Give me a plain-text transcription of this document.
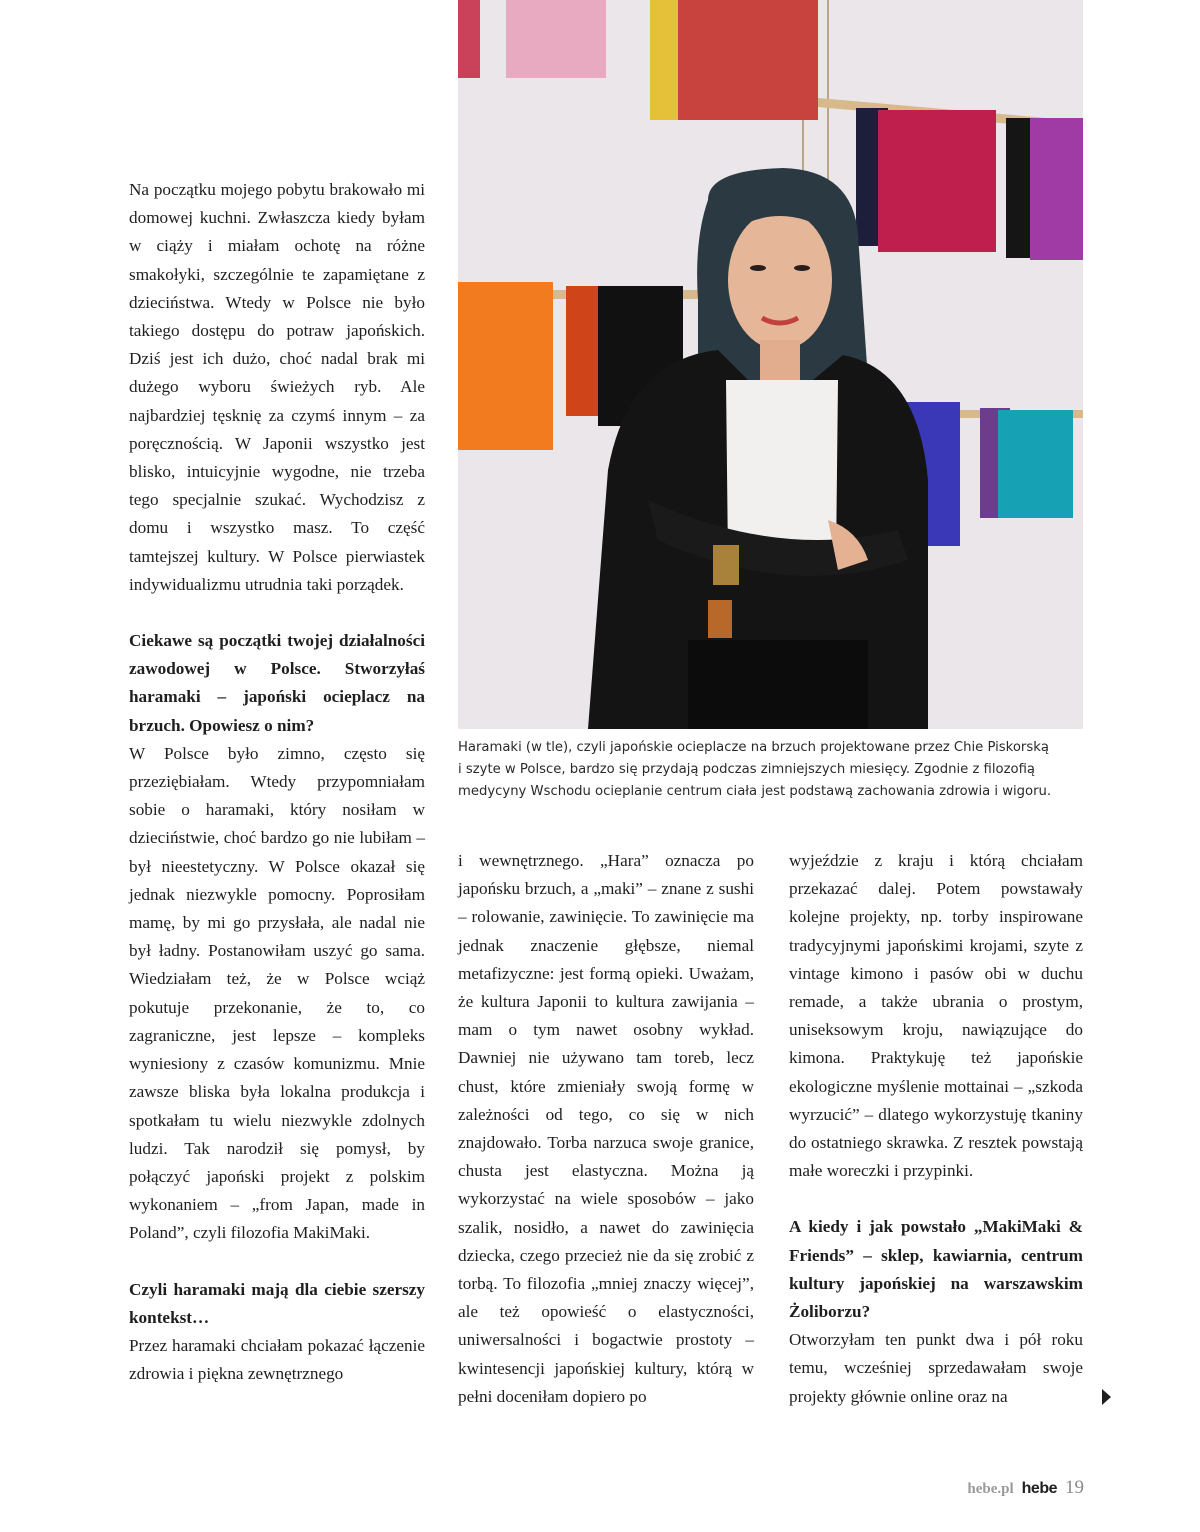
Na początku mojego pobytu brakowało mi domowej kuchni. Zwłaszcza kiedy byłam w ciąży i miałam ochotę na różne smakołyki, szczególnie te zapamiętane z dzieciństwa. Wtedy w Polsce nie było takiego dostępu do potraw japońskich. Dziś jest ich dużo, choć nadal brak mi dużego wyboru świeżych ryb. Ale najbardziej tęsknię za czymś innym – za poręcznością. W Japonii wszystko jest blisko, intuicyjnie wygodne, nie trzeba tego specjalnie szukać. Wychodzisz z domu i wszystko masz. To część tamtejszej kultury. W Polsce pierwiastek indywidualizmu utrudnia taki porządek.

Ciekawe są początki twojej działalności zawodowej w Polsce. Stworzyłaś haramaki – japoński ocieplacz na brzuch. Opowiesz o nim?

W Polsce było zimno, często się przeziębiałam. Wtedy przypomniałam sobie o haramaki, który nosiłam w dzieciństwie, choć bardzo go nie lubiłam – był nieestetyczny. W Polsce okazał się jednak niezwykle pomocny. Poprosiłam mamę, by mi go przysłała, ale nadal nie był ładny. Postanowiłam uszyć go sama. Wiedziałam też, że w Polsce wciąż pokutuje przekonanie, że to, co zagraniczne, jest lepsze – kompleks wyniesiony z czasów komunizmu. Mnie zawsze bliska była lokalna produkcja i spotkałam tu wielu niezwykle zdolnych ludzi. Tak narodził się pomysł, by połączyć japoński projekt z polskim wykonaniem – „from Japan, made in Poland”, czyli filozofia MakiMaki.

Czyli haramaki mają dla ciebie szerszy kontekst…

Przez haramaki chciałam pokazać łączenie zdrowia i piękna zewnętrznego

Haramaki (w tle), czyli japońskie ocieplacze na brzuch projektowane przez Chie Piskorską
i szyte w Polsce, bardzo się przydają podczas zimniejszych miesięcy. Zgodnie z filozofią
medycyny Wschodu ocieplanie centrum ciała jest podstawą zachowania zdrowia i wigoru.

i wewnętrznego. „Hara” oznacza po japońsku brzuch, a „maki” – znane z sushi – rolowanie, zawinięcie. To zawinięcie ma jednak znaczenie głębsze, niemal metafizyczne: jest formą opieki. Uważam, że kultura Japonii to kultura zawijania – mam o tym nawet osobny wykład. Dawniej nie używano tam toreb, lecz chust, które zmieniały swoją formę w zależności od tego, co się w nich znajdowało. Torba narzuca swoje granice, chusta jest elastyczna. Można ją wykorzystać na wiele sposobów – jako szalik, nosidło, a nawet do zawinięcia dziecka, czego przecież nie da się zrobić z torbą. To filozofia „mniej znaczy więcej”, ale też opowieść o elastyczności, uniwersalności i bogactwie prostoty – kwintesencji japońskiej kultury, którą w pełni doceniłam dopiero po

wyjeździe z kraju i którą chciałam przekazać dalej. Potem powstawały kolejne projekty, np. torby inspirowane tradycyjnymi japońskimi krojami, szyte z vintage kimono i pasów obi w duchu remade, a także ubrania o prostym, uniseksowym kroju, nawiązujące do kimona. Praktykuję też japońskie ekologiczne myślenie mottainai – „szkoda wyrzucić” – dlatego wykorzystuję tkaniny do ostatniego skrawka. Z resztek powstają małe woreczki i przypinki.

A kiedy i jak powstało „MakiMaki & Friends” – sklep, kawiarnia, centrum kultury japońskiej na warszawskim Żoliborzu?

Otworzyłam ten punkt dwa i pół roku temu, wcześniej sprzedawałam swoje projekty głównie online oraz na

hebe.pl hebe 19
